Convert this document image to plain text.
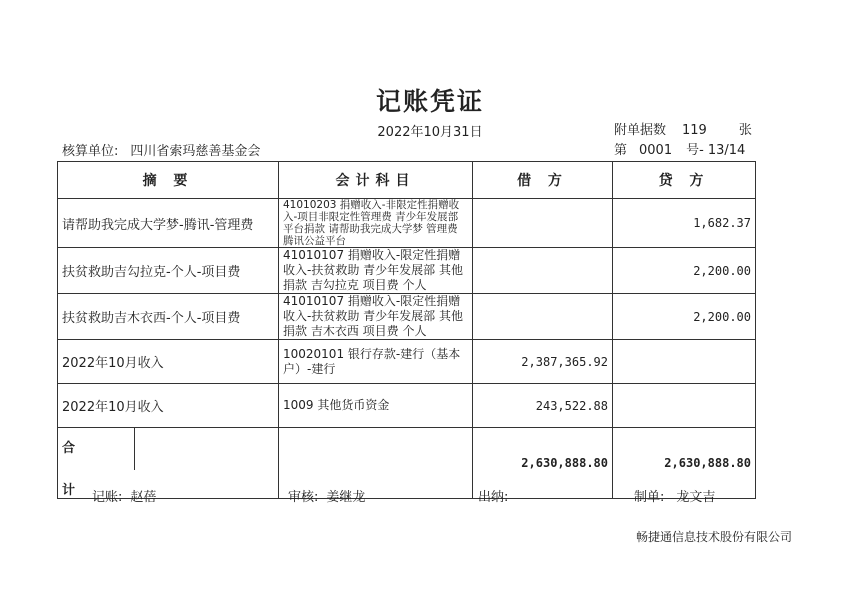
记账凭证
2022年10月31日	附单据数 119 张
第 0001 号- 13/14
核算单位: 四川省索玛慈善基金会
摘 要	会计科目	借 方	贷 方
请帮助我完成大学梦-腾讯-管理费	41010203 捐赠收入-非限定性捐赠收入-项目非限定性管理费 青少年发展部平台捐款 请帮助我完成大学梦 管理费腾讯公益平台		1,682.37
扶贫救助吉勾拉克-个人-项目费	41010107 捐赠收入-限定性捐赠收入-扶贫救助 青少年发展部 其他捐款 吉勾拉克 项目费 个人		2,200.00
扶贫救助吉木衣西-个人-项目费	41010107 捐赠收入-限定性捐赠收入-扶贫救助 青少年发展部 其他捐款 吉木衣西 项目费 个人		2,200.00
2022年10月收入	10020101 银行存款-建行（基本户）-建行	2,387,365.92	
2022年10月收入	1009 其他货币资金	243,522.88	
合 计		2,630,888.80	2,630,888.80
记账: 赵蓓	审核: 姜继龙	出纳:	制单: 龙文吉
畅捷通信息技术股份有限公司
